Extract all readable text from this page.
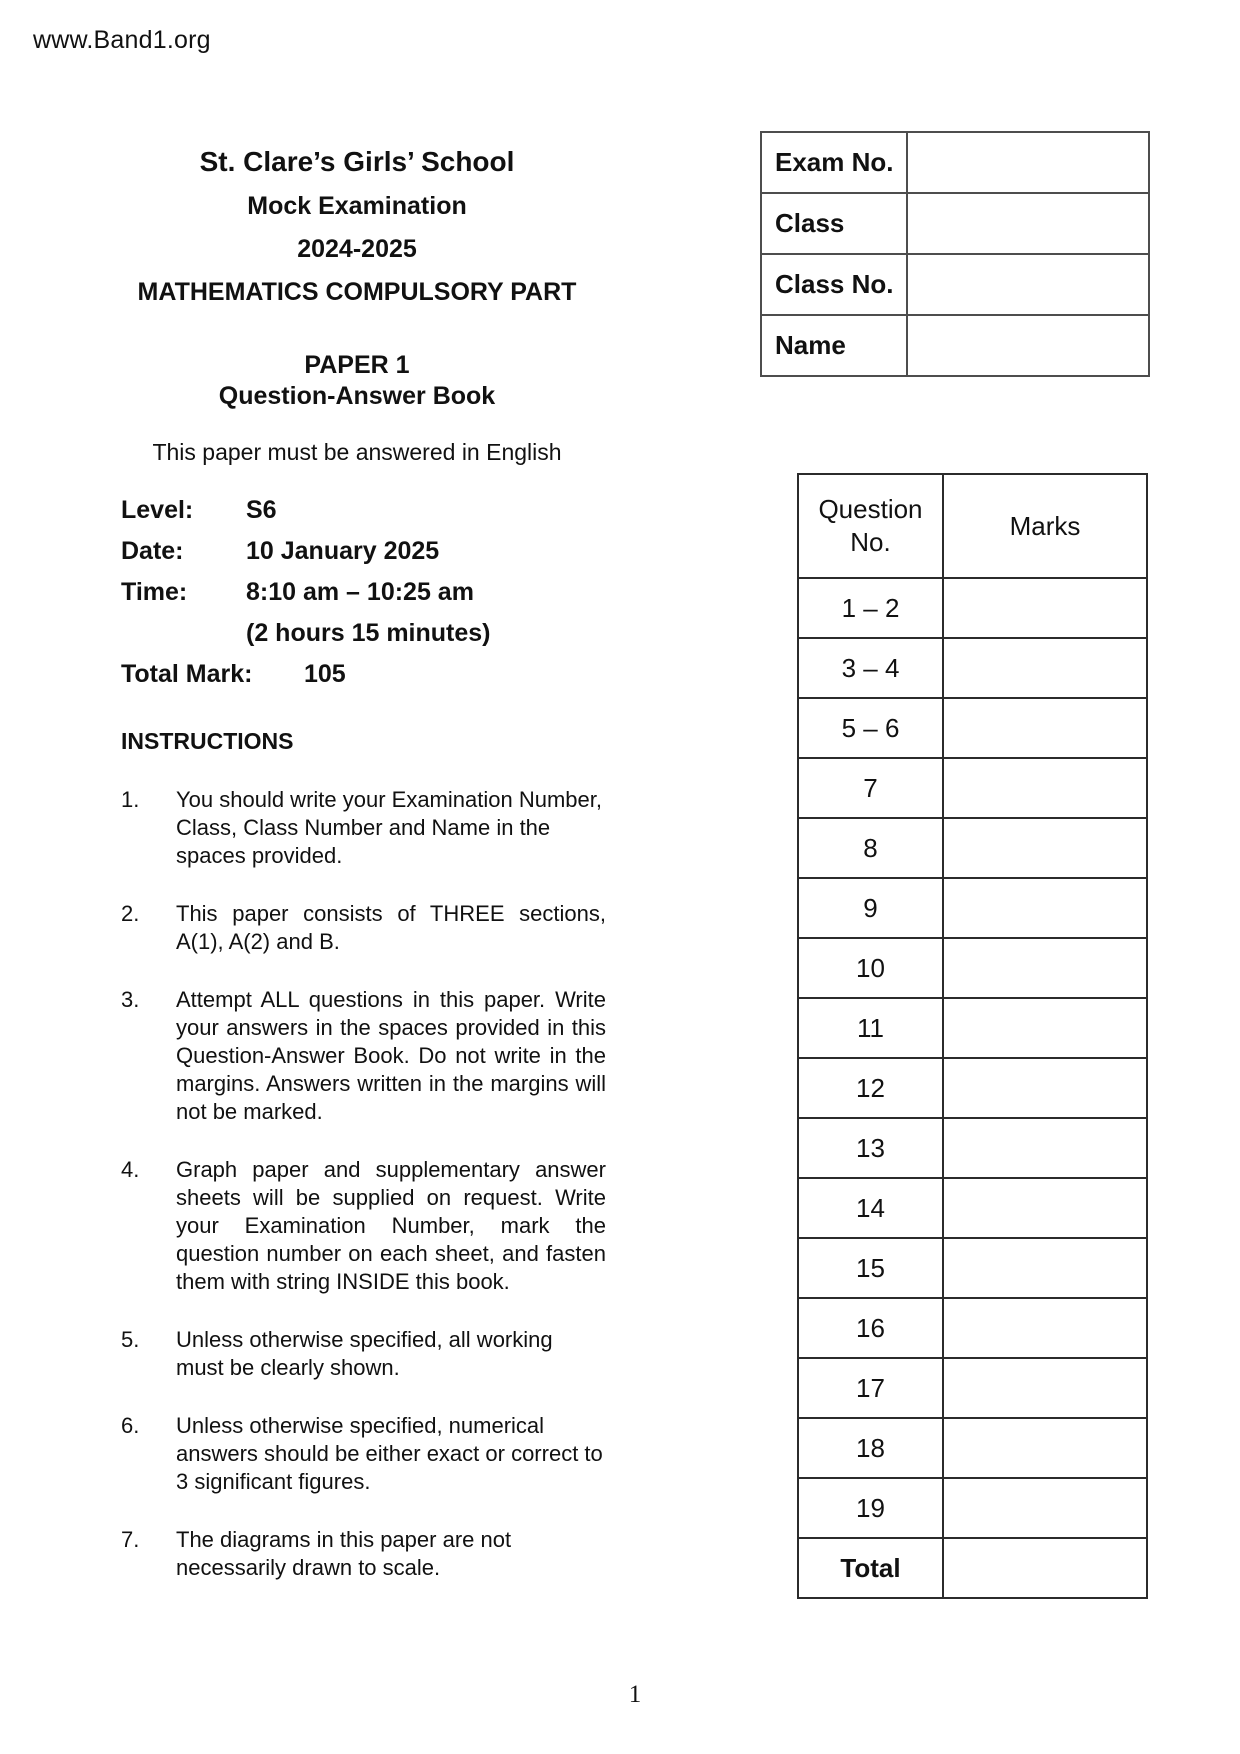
www.Band1.org
St. Clare’s Girls’ School
Mock Examination
2024-2025
MATHEMATICS COMPULSORY PART
PAPER 1
Question-Answer Book
This paper must be answered in English
Exam No.	
Class	
Class No.	
Name	
Level: S6
Date: 10 January 2025
Time: 8:10 am – 10:25 am
(2 hours 15 minutes)
Total Mark: 105
INSTRUCTIONS
1.	You should write your Examination Number, Class, Class Number and Name in the spaces provided.
2.	This paper consists of THREE sections, A(1), A(2) and B.
3.	Attempt ALL questions in this paper. Write your answers in the spaces provided in this Question-Answer Book. Do not write in the margins. Answers written in the margins will not be marked.
4.	Graph paper and supplementary answer sheets will be supplied on request. Write your Examination Number, mark the question number on each sheet, and fasten them with string INSIDE this book.
5.	Unless otherwise specified, all working must be clearly shown.
6.	Unless otherwise specified, numerical answers should be either exact or correct to 3 significant figures.
7.	The diagrams in this paper are not necessarily drawn to scale.
Question No.	Marks
1 – 2	
3 – 4	
5 – 6	
7	
8	
9	
10	
11	
12	
13	
14	
15	
16	
17	
18	
19	
Total	
1
